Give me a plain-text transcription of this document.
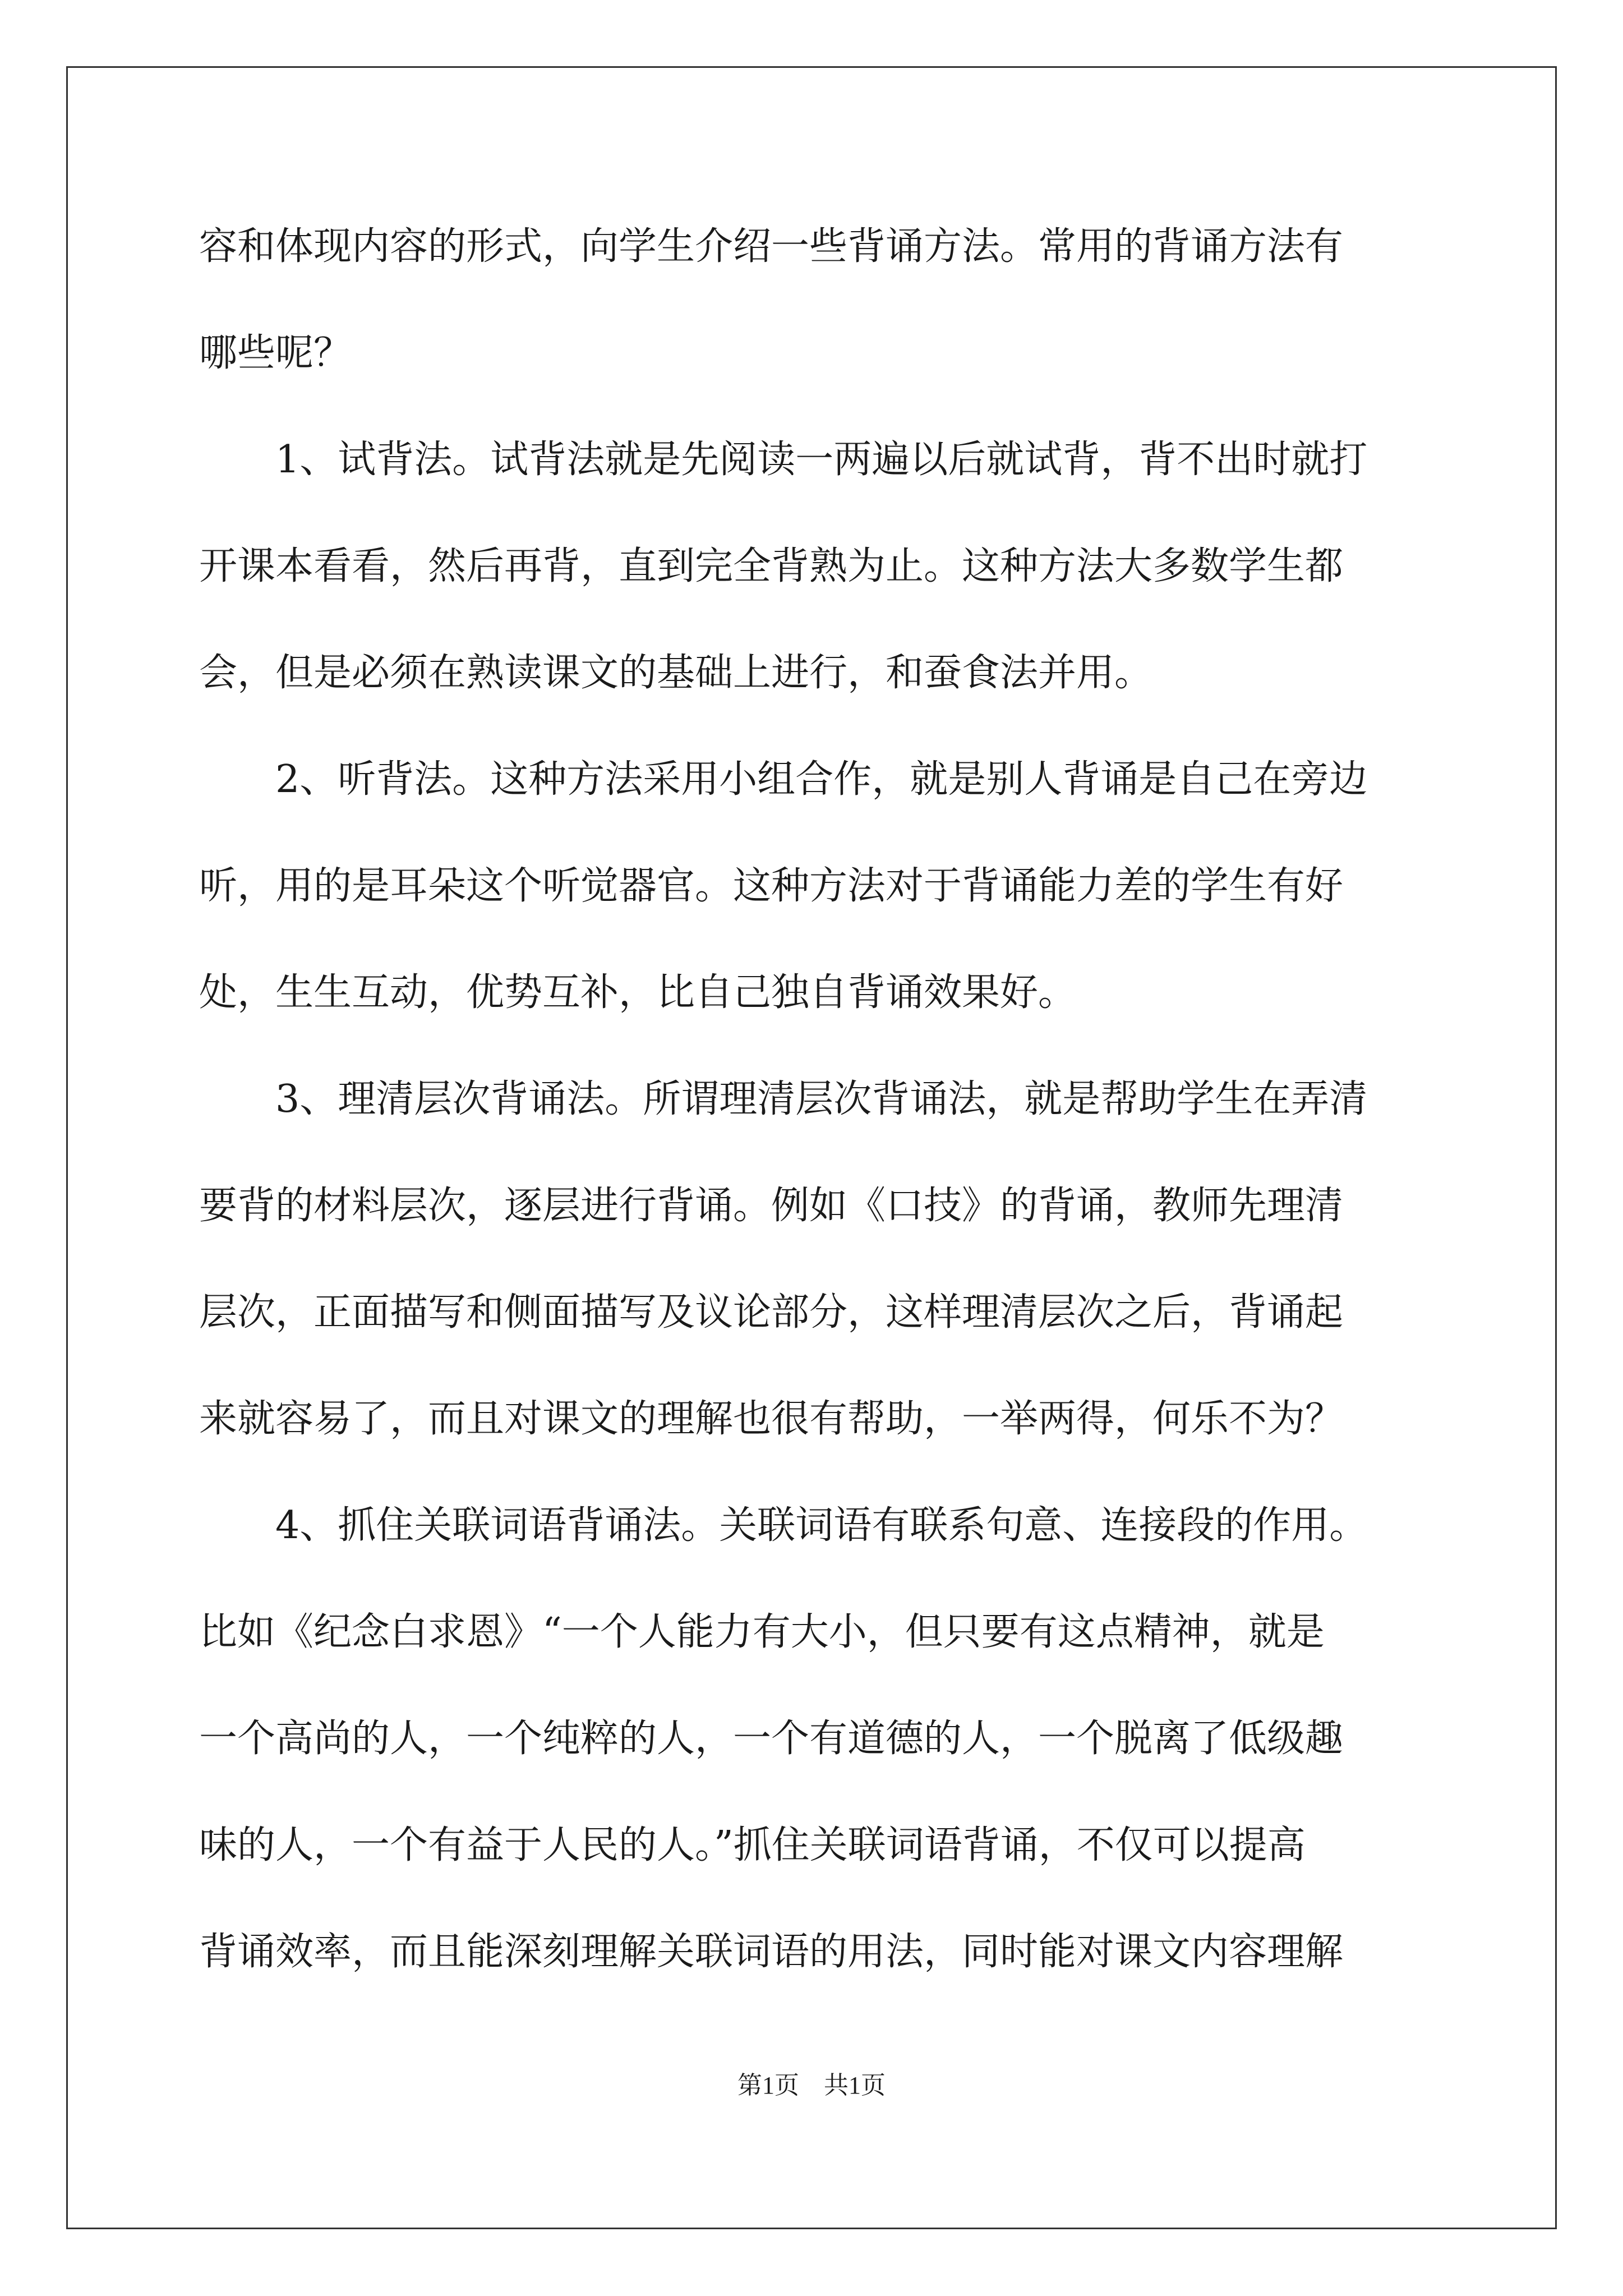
容和体现内容的形式，向学生介绍一些背诵方法。常用的背诵方法有
哪些呢？
　　1、试背法。试背法就是先阅读一两遍以后就试背，背不出时就打
开课本看看，然后再背，直到完全背熟为止。这种方法大多数学生都
会，但是必须在熟读课文的基础上进行，和蚕食法并用。
　　2、听背法。这种方法采用小组合作，就是别人背诵是自己在旁边
听，用的是耳朵这个听觉器官。这种方法对于背诵能力差的学生有好
处，生生互动，优势互补，比自己独自背诵效果好。
　　3、理清层次背诵法。所谓理清层次背诵法，就是帮助学生在弄清
要背的材料层次，逐层进行背诵。例如《口技》的背诵，教师先理清
层次，正面描写和侧面描写及议论部分，这样理清层次之后，背诵起
来就容易了，而且对课文的理解也很有帮助，一举两得，何乐不为？
　　4、抓住关联词语背诵法。关联词语有联系句意、连接段的作用。
比如《纪念白求恩》“一个人能力有大小，但只要有这点精神，就是
一个高尚的人，一个纯粹的人，一个有道德的人，一个脱离了低级趣
味的人，一个有益于人民的人。”抓住关联词语背诵，不仅可以提高
背诵效率，而且能深刻理解关联词语的用法，同时能对课文内容理解
第1页　共1页
